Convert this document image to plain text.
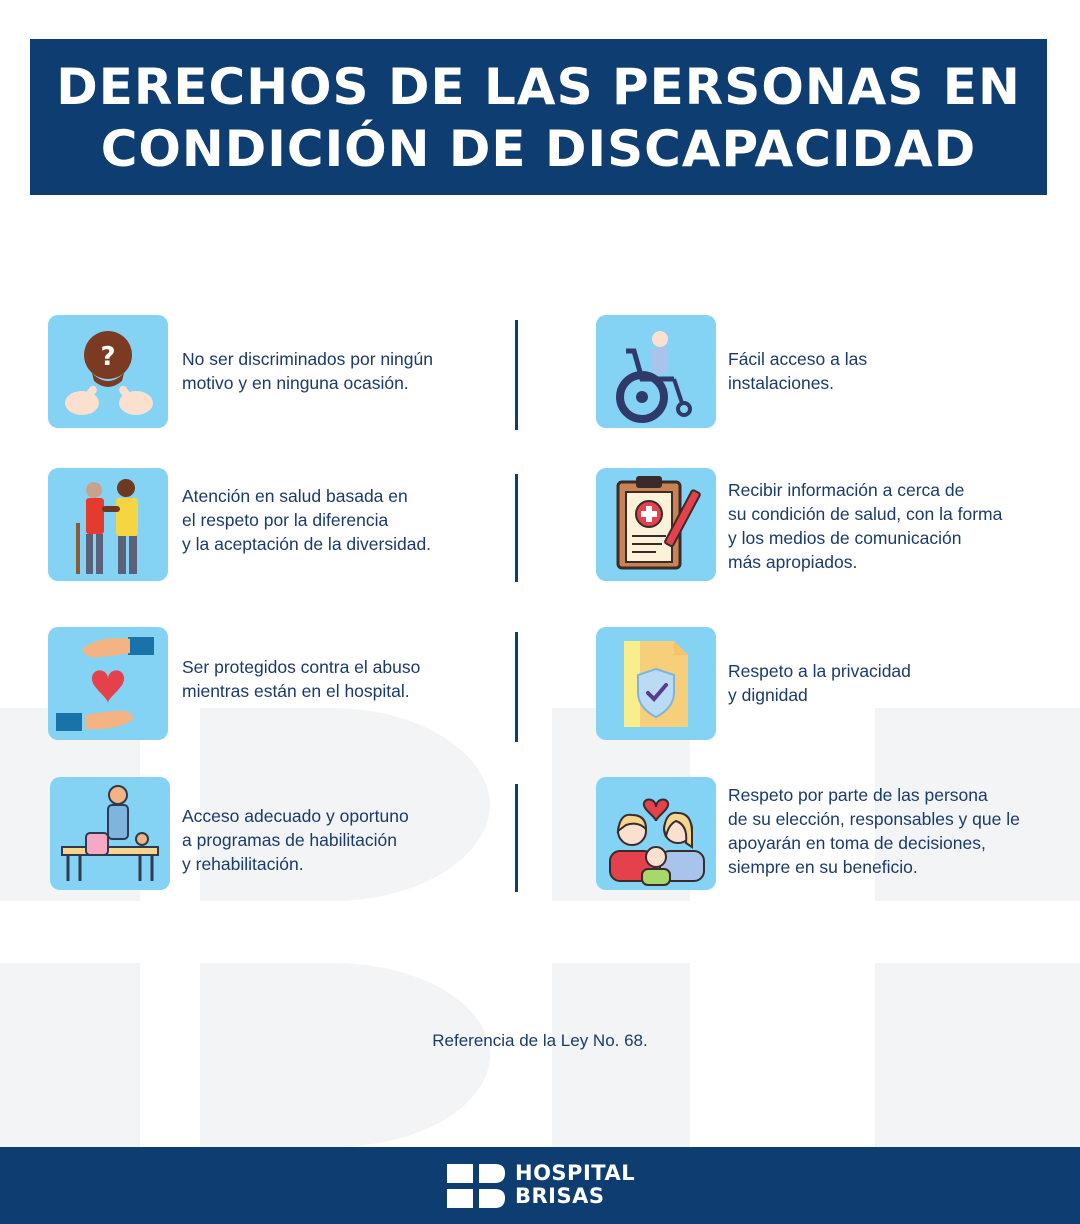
DERECHOS DE LAS PERSONAS EN

CONDICIÓN DE DISCAPACIDAD

?	No ser discriminados por ningún
motivo y en ninguna ocasión.

Atención en salud basada en
el respeto por la diferencia
y la aceptación de la diversidad.

Ser protegidos contra el abuso
mientras están en el hospital.

Acceso adecuado y oportuno
a programas de habilitación
y rehabilitación.

Fácil acceso a las
instalaciones.

Recibir información a cerca de
su condición de salud, con la forma
y los medios de comunicación
más apropiados.

Respeto a la privacidad
y dignidad

Respeto por parte de las persona
de su elección, responsables y que le
apoyarán en toma de decisiones,
siempre en su beneficio.

Referencia de la Ley No. 68.
HOSPITAL
BRISAS
